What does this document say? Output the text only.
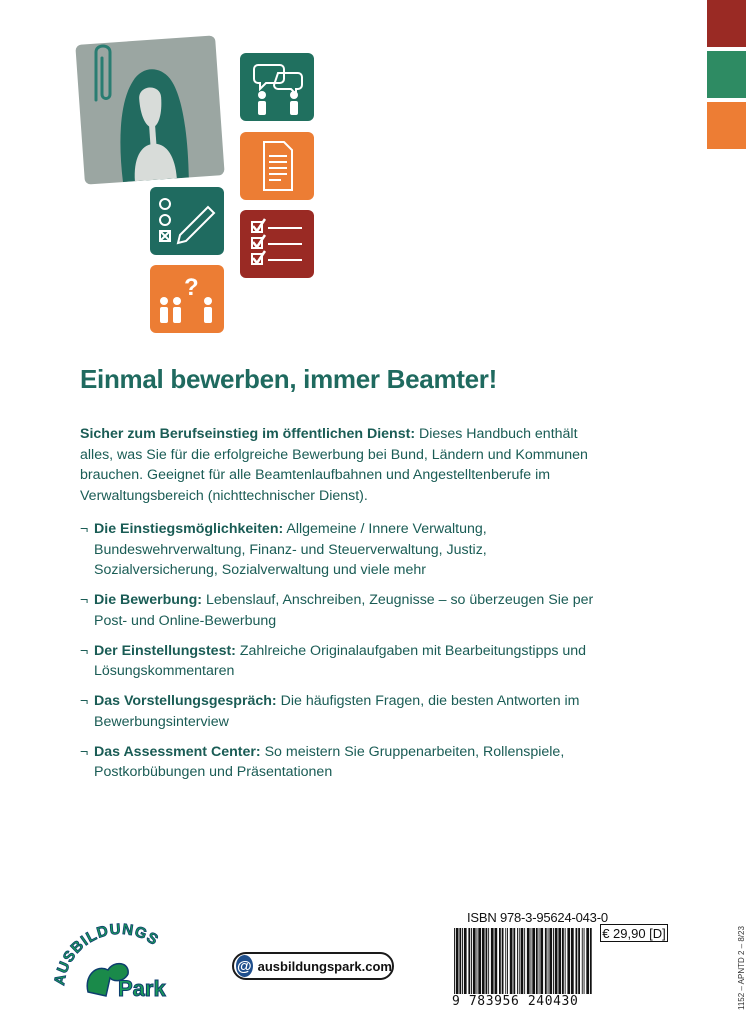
?
Einmal bewerben, immer Beamter!

Sicher zum Berufseinstieg im öffentlichen Dienst: Dieses Handbuch enthält alles, was Sie für die erfolgreiche Bewerbung bei Bund, Ländern und Kommunen brauchen. Geeignet für alle Beamtenlaufbahnen und Angestelltenberufe im Verwaltungsbereich (nichttechnischer Dienst).

¬ Die Einstiegsmöglichkeiten: Allgemeine / Innere Verwaltung, Bundeswehrverwaltung, Finanz- und Steuerverwaltung, Justiz, Sozialversicherung, Sozialverwaltung und viele mehr
¬ Die Bewerbung: Lebenslauf, Anschreiben, Zeugnisse – so überzeugen Sie per Post- und Online-Bewerbung
¬ Der Einstellungstest: Zahlreiche Originalaufgaben mit Bearbeitungstipps und Lösungskommentaren
¬ Das Vorstellungsgespräch: Die häufigsten Fragen, die besten Antworten im Bewerbungsinterview
¬ Das Assessment Center: So meistern Sie Gruppenarbeiten, Rollenspiele, Postkorbübungen und Präsentationen
AUSBILDUNGS
Park
@ ausbildungspark.com
ISBN 978-3-95624-043-0
9 783956 240430
€ 29,90 [D]	1152 – APNTD 2 – 8/23
